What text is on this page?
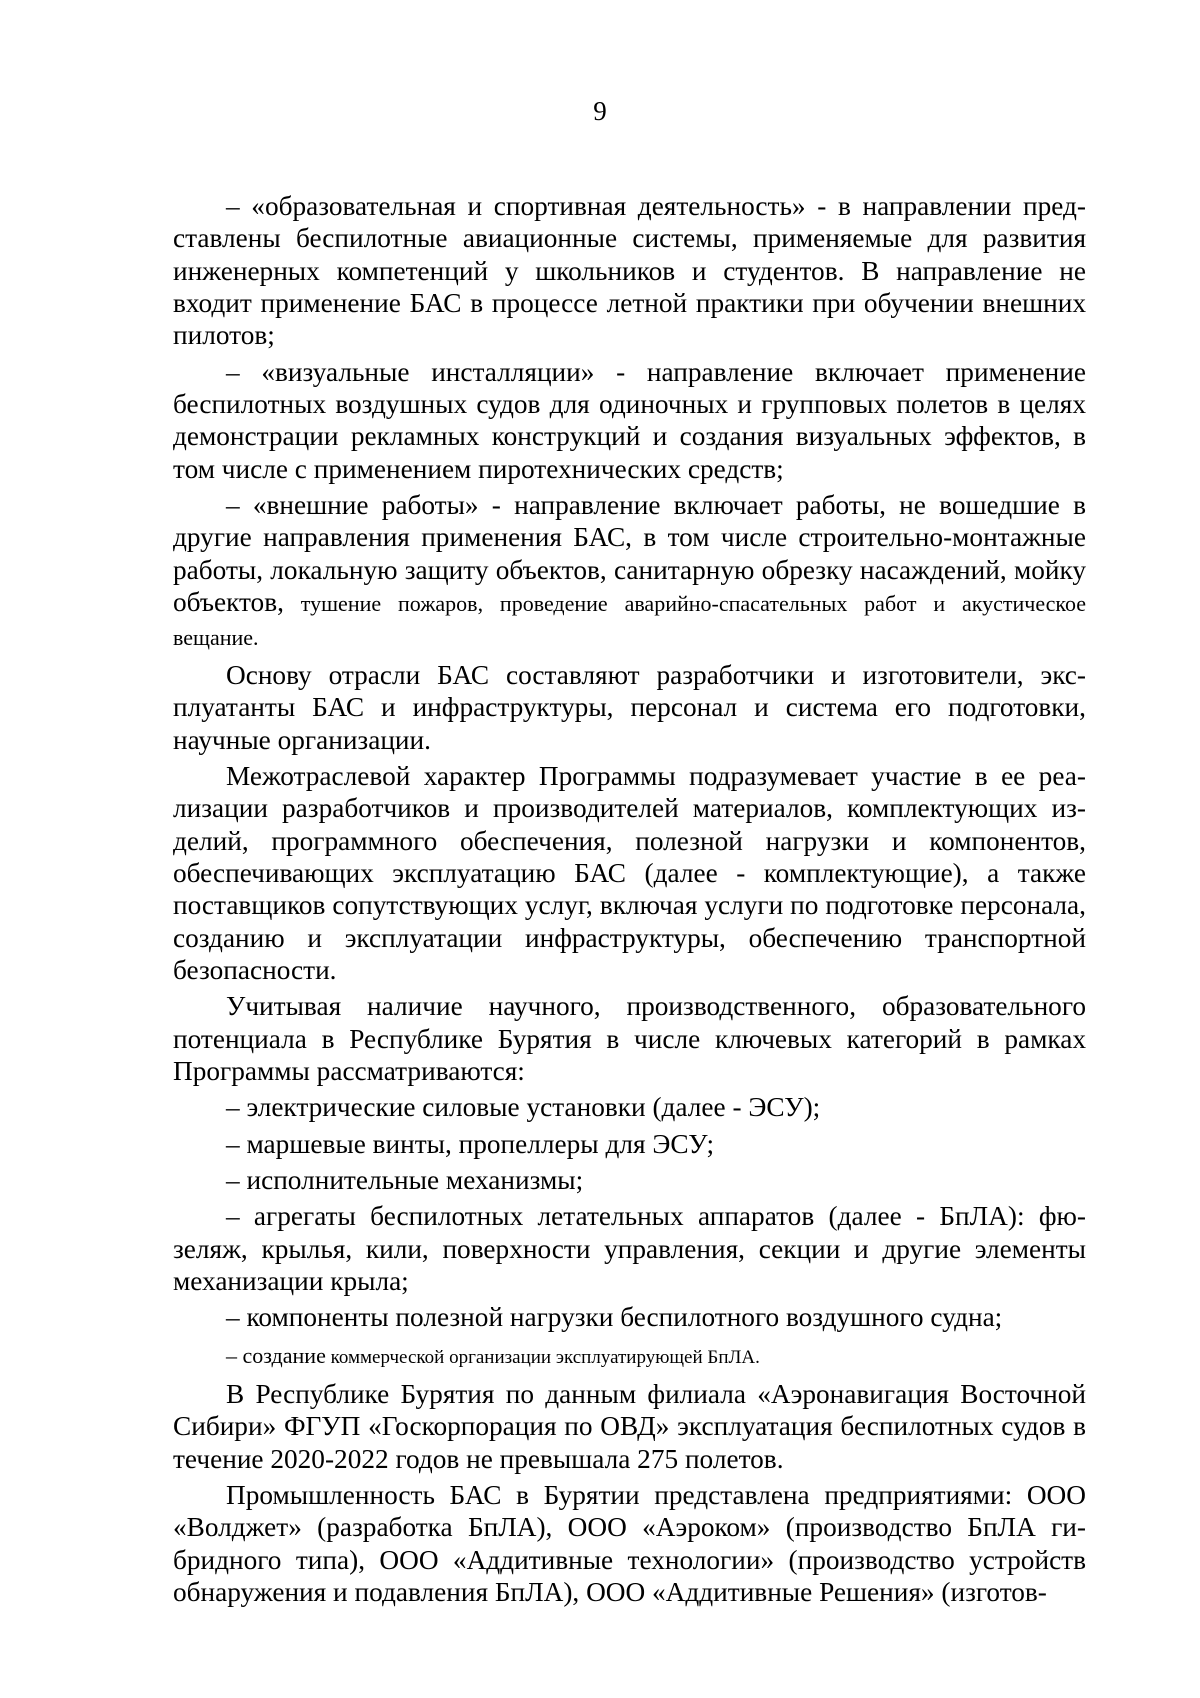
9

– «образовательная и спортивная деятельность» - в направлении представлены беспилотные авиационные системы, применяемые для развития инженерных компетенций у школьников и студентов. В направление не входит применение БАС в процессе летной практики при обучении внешних пилотов;

– «визуальные инсталляции» - направление включает применение беспилотных воздушных судов для одиночных и групповых полетов в целях демонстрации рекламных конструкций и создания визуальных эффектов, в том числе с применением пиротехнических средств;

– «внешние работы» - направление включает работы, не вошедшие в другие направления применения БАС, в том числе строительно-монтажные работы, локальную защиту объектов, санитарную обрезку насаждений, мойку объектов, тушение пожаров, проведение аварийно-спасательных работ и акустическое вещание.

Основу отрасли БАС составляют разработчики и изготовители, эксплуатанты БАС и инфраструктуры, персонал и система его подготовки, научные организации.

Межотраслевой характер Программы подразумевает участие в ее реализации разработчиков и производителей материалов, комплектующих изделий, программного обеспечения, полезной нагрузки и компонентов, обеспечивающих эксплуатацию БАС (далее - комплектующие), а также поставщиков сопутствующих услуг, включая услуги по подготовке персонала, созданию и эксплуатации инфраструктуры, обеспечению транспортной безопасности.

Учитывая наличие научного, производственного, образовательного потенциала в Республике Бурятия в числе ключевых категорий в рамках Программы рассматриваются:

– электрические силовые установки (далее - ЭСУ);

– маршевые винты, пропеллеры для ЭСУ;

– исполнительные механизмы;

– агрегаты беспилотных летательных аппаратов (далее - БпЛА): фюзеляж, крылья, кили, поверхности управления, секции и другие элементы механизации крыла;

– компоненты полезной нагрузки беспилотного воздушного судна;

– создание коммерческой организации эксплуатирующей БпЛА.

В Республике Бурятия по данным филиала «Аэронавигация Восточной Сибири» ФГУП «Госкорпорация по ОВД» эксплуатация беспилотных судов в течение 2020-2022 годов не превышала 275 полетов.

Промышленность БАС в Бурятии представлена предприятиями: ООО «Волджет» (разработка БпЛА), ООО «Аэроком» (производство БпЛА гибридного типа), ООО «Аддитивные технологии» (производство устройств обнаружения и подавления БпЛА), ООО «Аддитивные Решения» (изготов-
